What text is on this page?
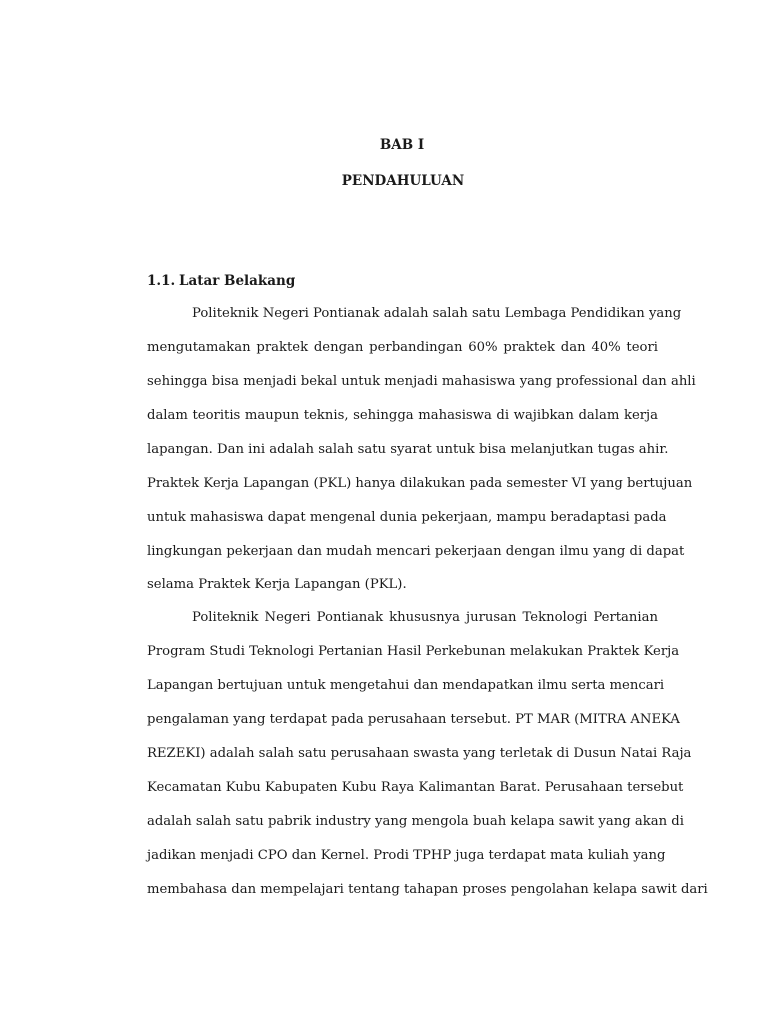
BAB I
PENDAHULUAN
1.1. Latar Belakang

Politeknik Negeri Pontianak adalah salah satu Lembaga Pendidikan yang

mengutamakan praktek dengan perbandingan 60% praktek dan 40% teori

sehingga bisa menjadi bekal untuk menjadi mahasiswa yang professional dan ahli

dalam teoritis maupun teknis, sehingga mahasiswa di wajibkan dalam kerja

lapangan. Dan ini adalah salah satu syarat untuk bisa melanjutkan tugas ahir.

Praktek Kerja Lapangan (PKL) hanya dilakukan pada semester VI yang bertujuan

untuk mahasiswa dapat mengenal dunia pekerjaan, mampu beradaptasi pada

lingkungan pekerjaan dan mudah mencari pekerjaan dengan ilmu yang di dapat

selama Praktek Kerja Lapangan (PKL).

Politeknik Negeri Pontianak khususnya jurusan Teknologi Pertanian

Program Studi Teknologi Pertanian Hasil Perkebunan melakukan Praktek Kerja

Lapangan bertujuan untuk mengetahui dan mendapatkan ilmu serta mencari

pengalaman yang terdapat pada perusahaan tersebut. PT MAR (MITRA ANEKA

REZEKI) adalah salah satu perusahaan swasta yang terletak di Dusun Natai Raja

Kecamatan Kubu Kabupaten Kubu Raya Kalimantan Barat. Perusahaan tersebut

adalah salah satu pabrik industry yang mengola buah kelapa sawit yang akan di

jadikan menjadi CPO dan Kernel. Prodi TPHP juga terdapat mata kuliah yang

membahasa dan mempelajari tentang tahapan proses pengolahan kelapa sawit dari
